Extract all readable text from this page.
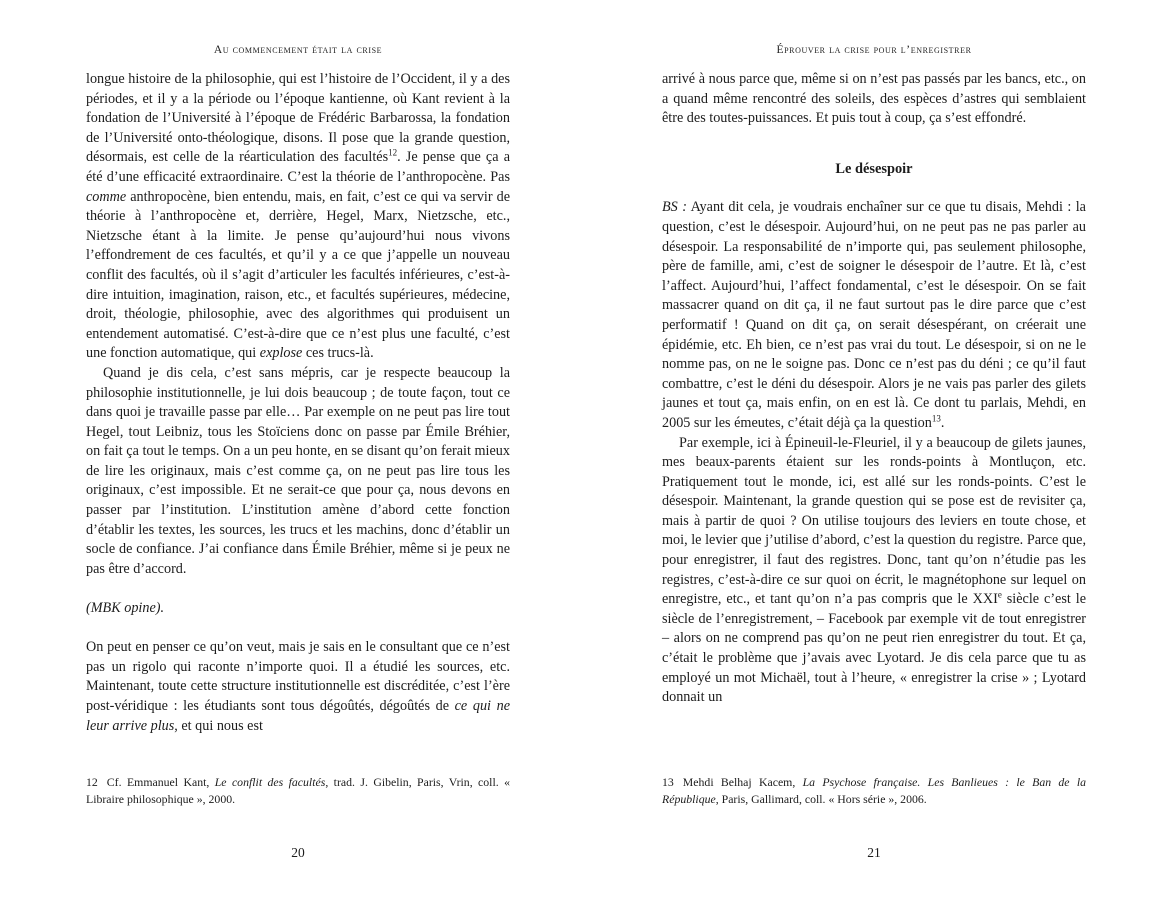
Au commencement était la crise

longue histoire de la philosophie, qui est l’histoire de l’Occident, il y a des périodes, et il y a la période ou l’époque kantienne, où Kant revient à la fondation de l’Université à l’époque de Frédéric Barbarossa, la fondation de l’Université onto-théologique, disons. Il pose que la grande question, désormais, est celle de la réarticulation des facultés$^{12}$. Je pense que ça a été d’une efficacité extraordinaire. C’est la théorie de l’anthropocène. Pas comme anthropocène, bien entendu, mais, en fait, c’est ce qui va servir de théorie à l’anthropocène et, derrière, Hegel, Marx, Nietzsche, etc., Nietzsche étant à la limite. Je pense qu’aujourd’hui nous vivons l’effondrement de ces facultés, et qu’il y a ce que j’appelle un nouveau conflit des facultés, où il s’agit d’articuler les facultés inférieures, c’est-à-dire intuition, imagination, raison, etc., et facultés supérieures, médecine, droit, théologie, philosophie, avec des algorithmes qui produisent un entendement automatisé. C’est-à-dire que ce n’est plus une faculté, c’est une fonction automatique, qui explose ces trucs-là.

Quand je dis cela, c’est sans mépris, car je respecte beaucoup la philosophie institutionnelle, je lui dois beaucoup ; de toute façon, tout ce dans quoi je travaille passe par elle… Par exemple on ne peut pas lire tout Hegel, tout Leibniz, tous les Stoïciens donc on passe par Émile Bréhier, on fait ça tout le temps. On a un peu honte, en se disant qu’on ferait mieux de lire les originaux, mais c’est comme ça, on ne peut pas lire tous les originaux, c’est impossible. Et ne serait-ce que pour ça, nous devons en passer par l’institution. L’institution amène d’abord cette fonction d’établir les textes, les sources, les trucs et les machins, donc d’établir un socle de confiance. J’ai confiance dans Émile Bréhier, même si je peux ne pas être d’accord.

(MBK opine).

On peut en penser ce qu’on veut, mais je sais en le consultant que ce n’est pas un rigolo qui raconte n’importe quoi. Il a étudié les sources, etc. Maintenant, toute cette structure institutionnelle est discréditée, c’est l’ère post-véridique : les étudiants sont tous dégoûtés, dégoûtés de ce qui ne leur arrive plus, et qui nous est

12 Cf. Emmanuel Kant, Le conflit des facultés, trad. J. Gibelin, Paris, Vrin, coll. « Libraire philosophique », 2000.
20
Éprouver la crise pour l’enregistrer

arrivé à nous parce que, même si on n’est pas passés par les bancs, etc., on a quand même rencontré des soleils, des espèces d’astres qui semblaient être des toutes-puissances. Et puis tout à coup, ça s’est effondré.

Le désespoir

BS : Ayant dit cela, je voudrais enchaîner sur ce que tu disais, Mehdi : la question, c’est le désespoir. Aujourd’hui, on ne peut pas ne pas parler au désespoir. La responsabilité de n’importe qui, pas seulement philosophe, père de famille, ami, c’est de soigner le désespoir de l’autre. Et là, c’est l’affect. Aujourd’hui, l’affect fondamental, c’est le désespoir. On se fait massacrer quand on dit ça, il ne faut surtout pas le dire parce que c’est performatif ! Quand on dit ça, on serait désespérant, on créerait une épidémie, etc. Eh bien, ce n’est pas vrai du tout. Le désespoir, si on ne le nomme pas, on ne le soigne pas. Donc ce n’est pas du déni ; ce qu’il faut combattre, c’est le déni du désespoir. Alors je ne vais pas parler des gilets jaunes et tout ça, mais enfin, on en est là. Ce dont tu parlais, Mehdi, en 2005 sur les émeutes, c’était déjà ça la question$^{13}$.

Par exemple, ici à Épineuil-le-Fleuriel, il y a beaucoup de gilets jaunes, mes beaux-parents étaient sur les ronds-points à Montluçon, etc. Pratiquement tout le monde, ici, est allé sur les ronds-points. C’est le désespoir. Maintenant, la grande question qui se pose est de revisiter ça, mais à partir de quoi ? On utilise toujours des leviers en toute chose, et moi, le levier que j’utilise d’abord, c’est la question du registre. Parce que, pour enregistrer, il faut des registres. Donc, tant qu’on n’étudie pas les registres, c’est-à-dire ce sur quoi on écrit, le magnétophone sur lequel on enregistre, etc., et tant qu’on n’a pas compris que le XXIe siècle c’est le siècle de l’enregistrement, – Facebook par exemple vit de tout enregistrer – alors on ne comprend pas qu’on ne peut rien enregistrer du tout. Et ça, c’était le problème que j’avais avec Lyotard. Je dis cela parce que tu as employé un mot Michaël, tout à l’heure, « enregistrer la crise » ; Lyotard donnait un

13 Mehdi Belhaj Kacem, La Psychose française. Les Banlieues : le Ban de la République, Paris, Gallimard, coll. « Hors série », 2006.
21
